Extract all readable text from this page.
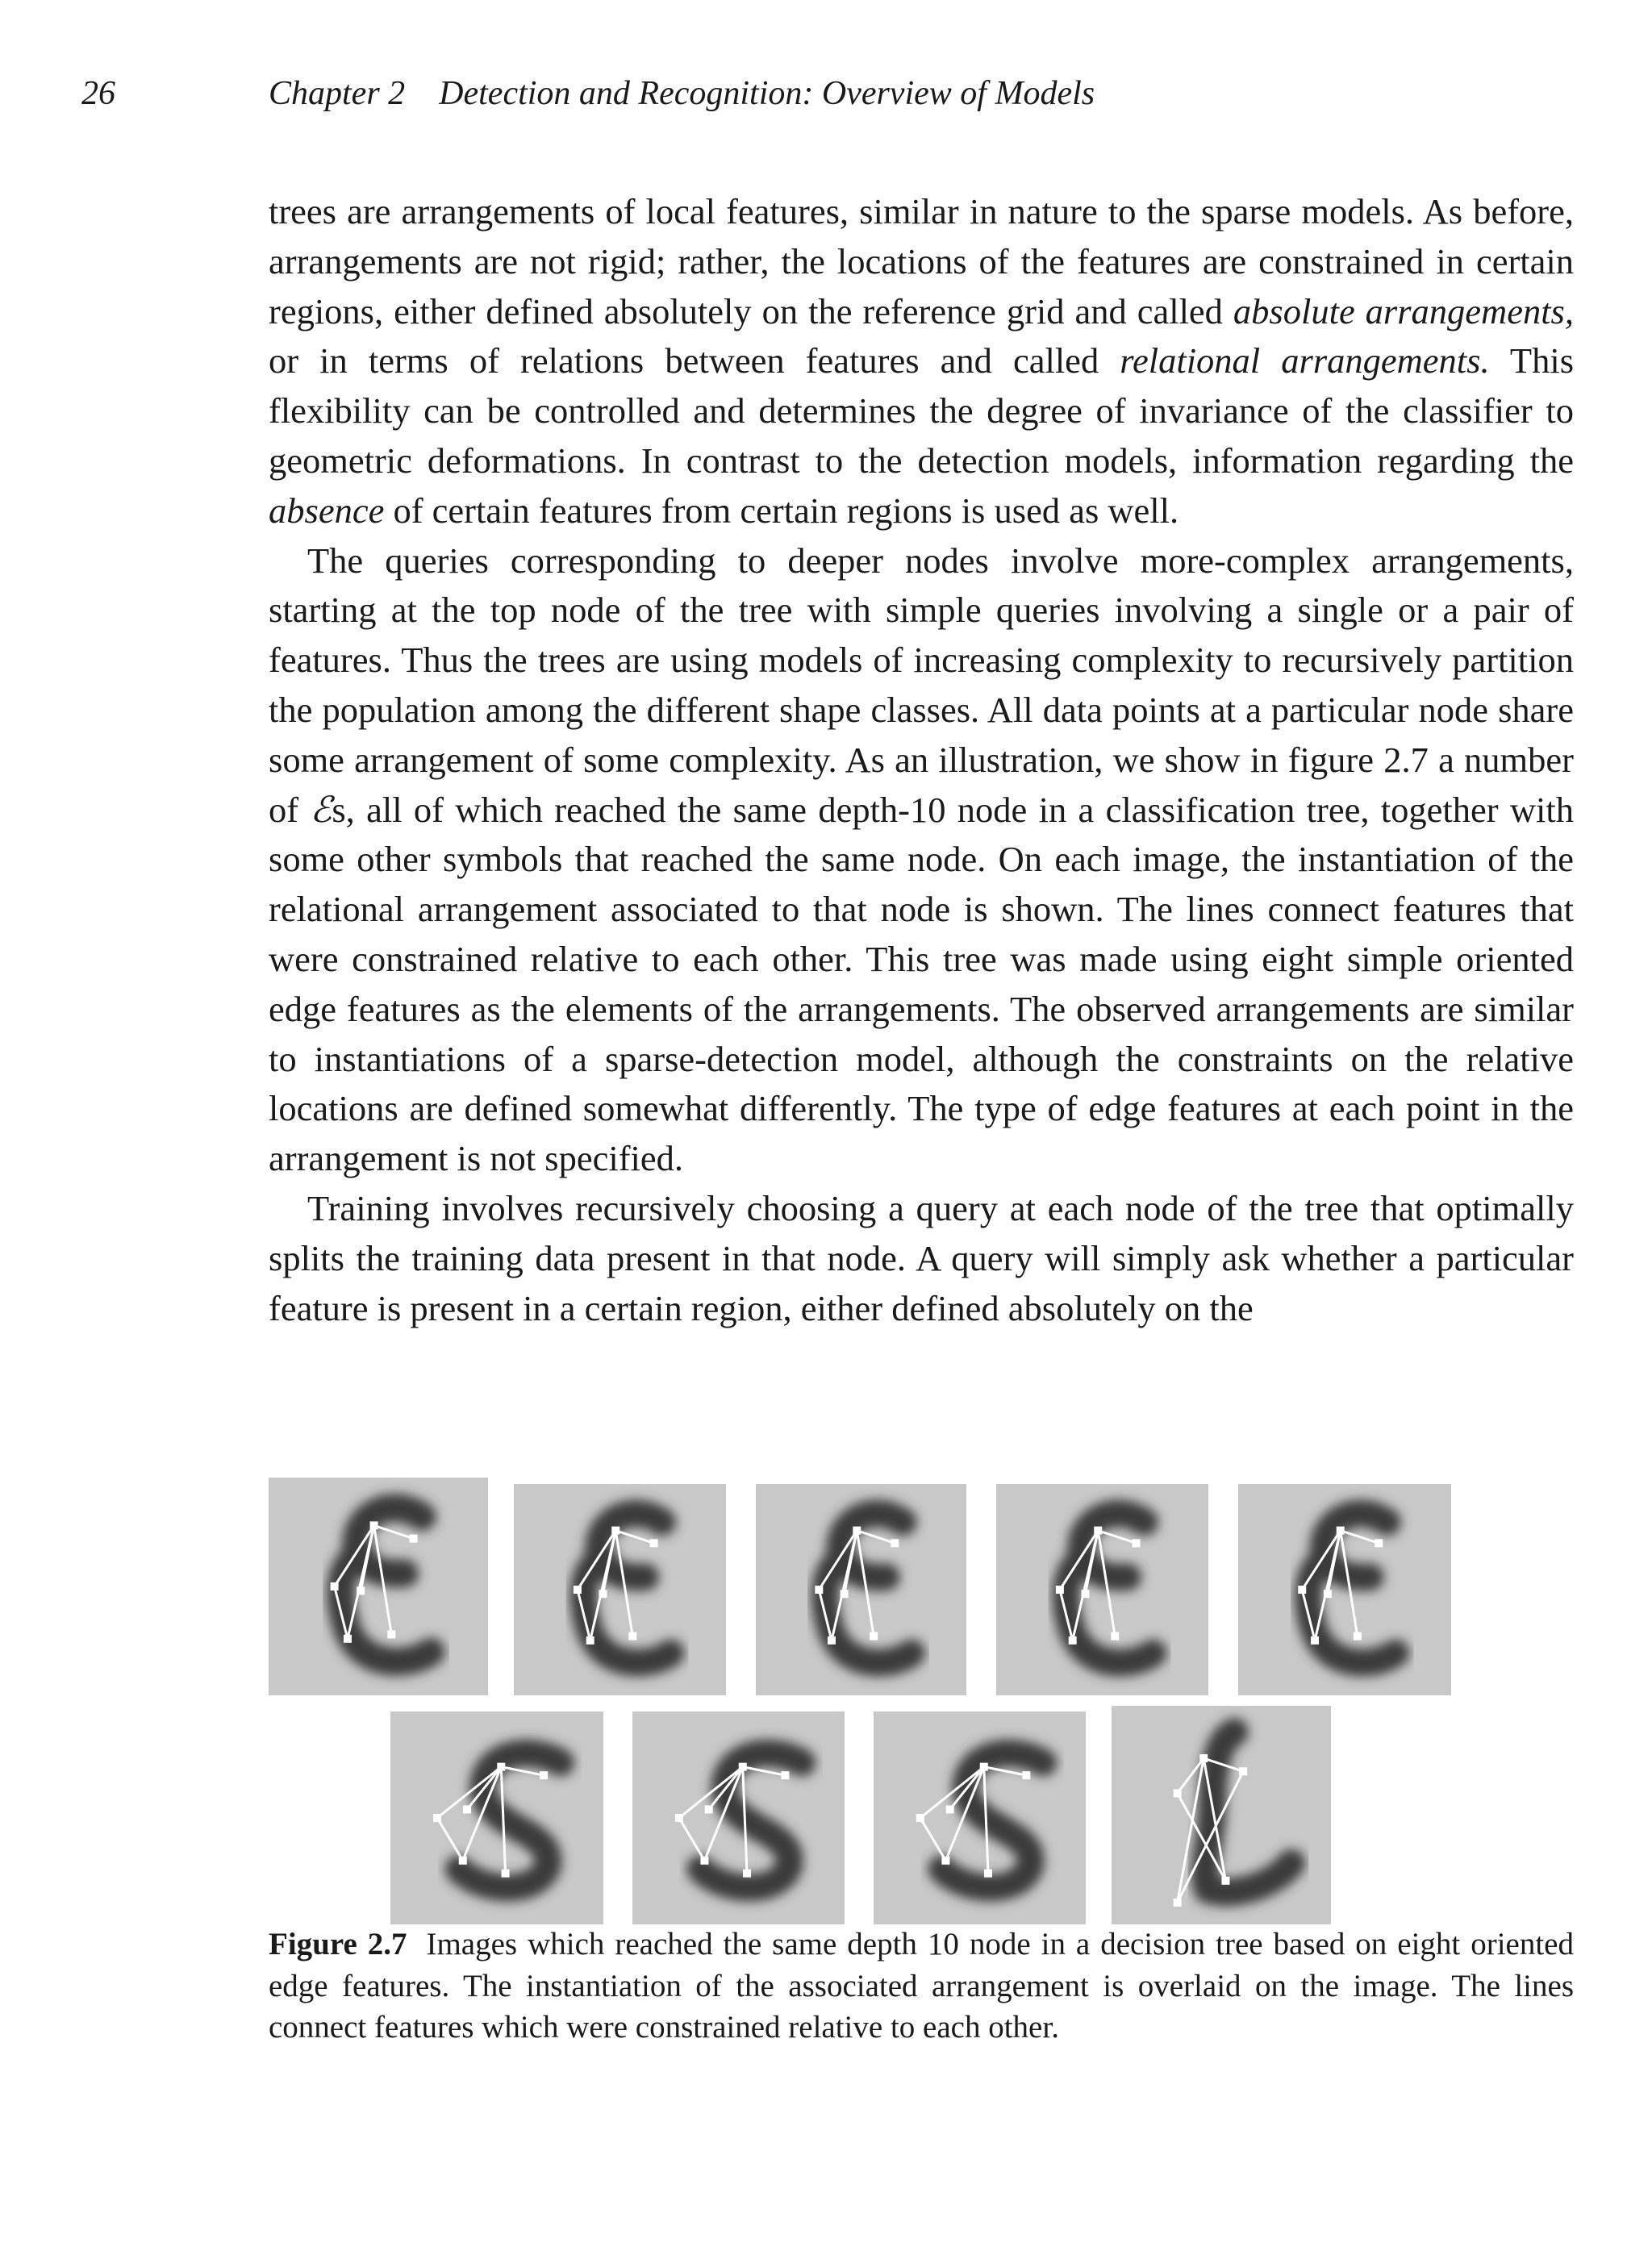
26	Chapter 2    Detection and Recognition: Overview of Models

trees are arrangements of local features, similar in nature to the sparse models. As before, arrangements are not rigid; rather, the locations of the features are constrained in certain regions, either defined absolutely on the reference grid and called absolute arrangements, or in terms of relations between features and called relational arrangements. This flexibility can be controlled and determines the degree of invariance of the classifier to geometric deformations. In contrast to the detection models, information regarding the absence of certain features from certain regions is used as well.

The queries corresponding to deeper nodes involve more-complex arrangements, starting at the top node of the tree with simple queries involving a single or a pair of features. Thus the trees are using models of increasing complexity to recursively partition the population among the different shape classes. All data points at a particular node share some arrangement of some complexity. As an illustration, we show in figure 2.7 a number of ℰs, all of which reached the same depth-10 node in a classification tree, together with some other symbols that reached the same node. On each image, the instantiation of the relational arrangement associated to that node is shown. The lines connect features that were constrained relative to each other. This tree was made using eight simple oriented edge features as the elements of the arrangements. The observed arrangements are similar to instantiations of a sparse-detection model, although the constraints on the relative locations are defined somewhat differently. The type of edge features at each point in the arrangement is not specified.

Training involves recursively choosing a query at each node of the tree that optimally splits the training data present in that node. A query will simply ask whether a particular feature is present in a certain region, either defined absolutely on the

Figure 2.7 Images which reached the same depth 10 node in a decision tree based on eight oriented edge features. The instantiation of the associated arrangement is overlaid on the image. The lines connect features which were constrained relative to each other.
